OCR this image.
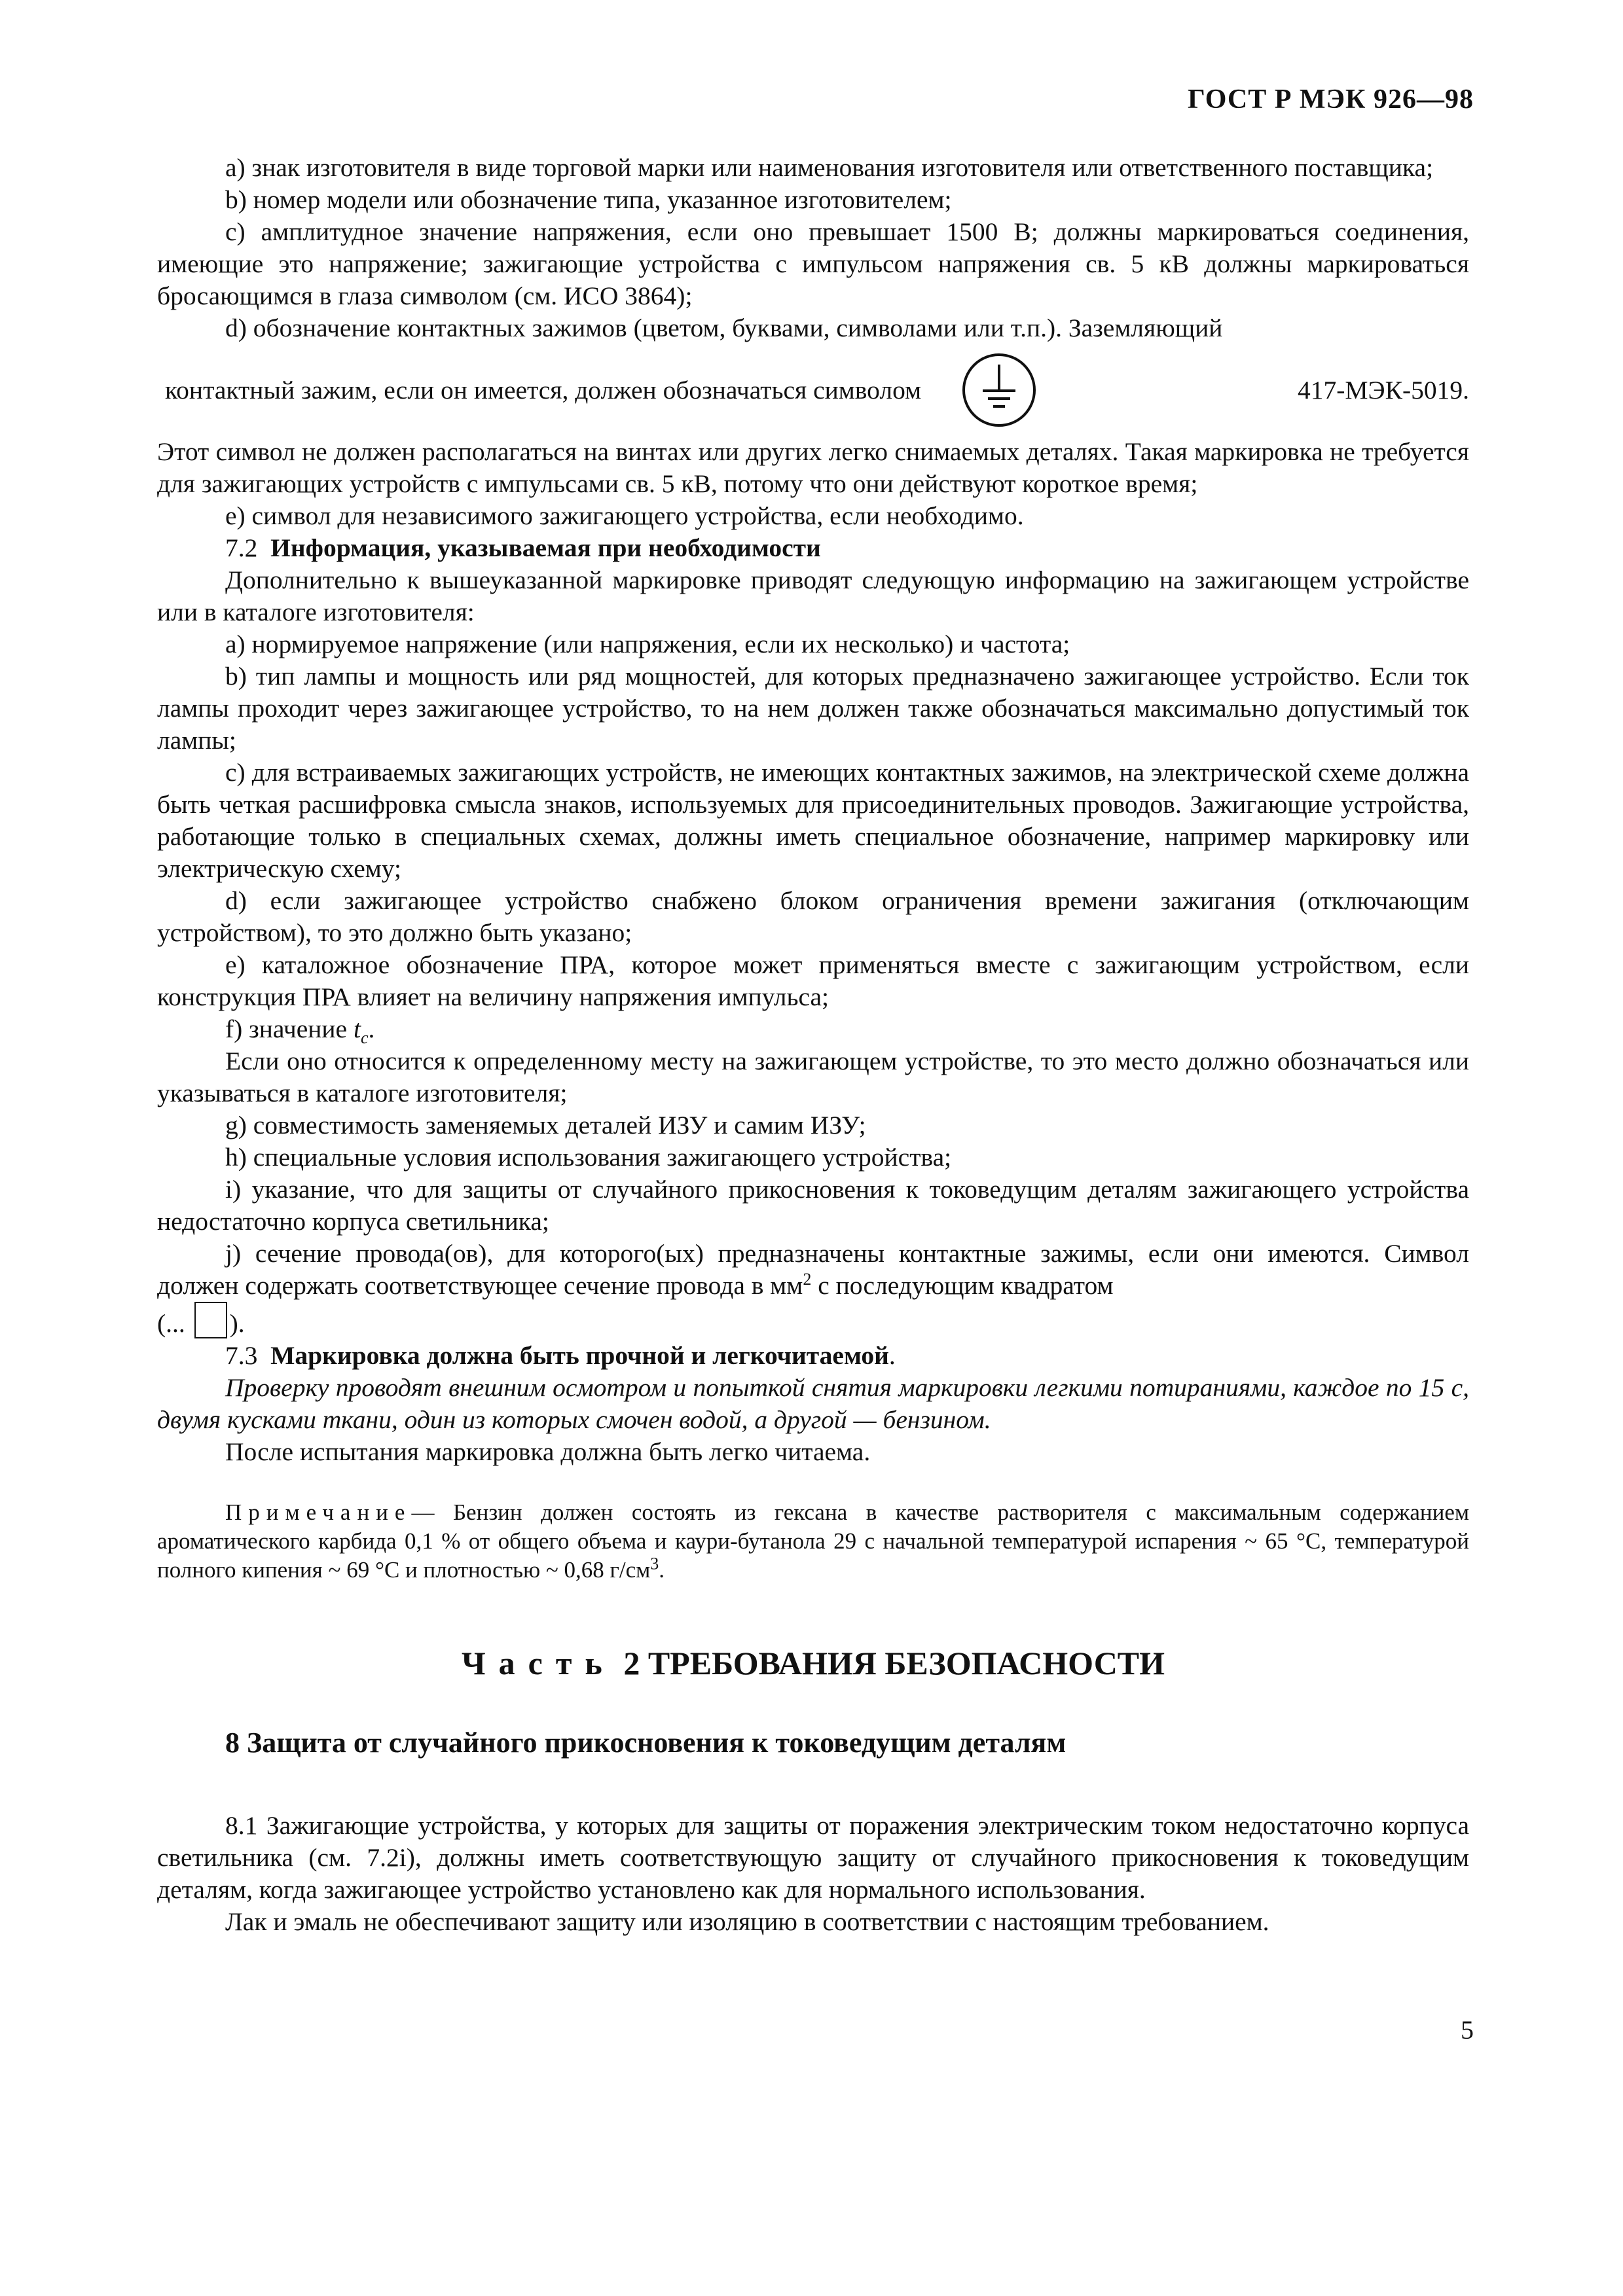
ГОСТ Р МЭК 926—98

a) знак изготовителя в виде торговой марки или наименования изготовителя или ответственного поставщика;

b) номер модели или обозначение типа, указанное изготовителем;

c) амплитудное значение напряжения, если оно превышает 1500 В; должны маркироваться соединения, имеющие это напряжение; зажигающие устройства с импульсом напряжения св. 5 кВ должны маркироваться бросающимся в глаза символом (см. ИСО 3864);

d) обозначение контактных зажимов (цветом, буквами, символами или т.п.). Заземляющий

контактный зажим, если он имеется, должен обозначаться символом	417-МЭК-5019.

Этот символ не должен располагаться на винтах или других легко снимаемых деталях. Такая маркировка не требуется для зажигающих устройств с импульсами св. 5 кВ, потому что они действуют короткое время;

e) символ для независимого зажигающего устройства, если необходимо.

7.2 Информация, указываемая при необходимости

Дополнительно к вышеуказанной маркировке приводят следующую информацию на зажигающем устройстве или в каталоге изготовителя:

a) нормируемое напряжение (или напряжения, если их несколько) и частота;

b) тип лампы и мощность или ряд мощностей, для которых предназначено зажигающее устройство. Если ток лампы проходит через зажигающее устройство, то на нем должен также обозначаться максимально допустимый ток лампы;

c) для встраиваемых зажигающих устройств, не имеющих контактных зажимов, на электрической схеме должна быть четкая расшифровка смысла знаков, используемых для присоединительных проводов. Зажигающие устройства, работающие только в специальных схемах, должны иметь специальное обозначение, например маркировку или электрическую схему;

d) если зажигающее устройство снабжено блоком ограничения времени зажигания (отключающим устройством), то это должно быть указано;

e) каталожное обозначение ПРА, которое может применяться вместе с зажигающим устройством, если конструкция ПРА влияет на величину напряжения импульса;

f) значение $t_c$.

Если оно относится к определенному месту на зажигающем устройстве, то это место должно обозначаться или указываться в каталоге изготовителя;

g) совместимость заменяемых деталей ИЗУ и самим ИЗУ;

h) специальные условия использования зажигающего устройства;

i) указание, что для защиты от случайного прикосновения к токоведущим деталям зажигающего устройства недостаточно корпуса светильника;

j) сечение провода(ов), для которого(ых) предназначены контактные зажимы, если они имеются. Символ должен содержать соответствующее сечение провода в $мм^2$ с последующим квадратом

(... ).

7.3 Маркировка должна быть прочной и легкочитаемой.

Проверку проводят внешним осмотром и попыткой снятия маркировки легкими потираниями, каждое по 15 с, двумя кусками ткани, один из которых смочен водой, а другой — бензином.

После испытания маркировка должна быть легко читаема.

Примечание— Бензин должен состоять из гексана в качестве растворителя с максимальным содержанием ароматического карбида 0,1 % от общего объема и каури-бутанола 29 с начальной температурой испарения ~ 65 °С, температурой полного кипения ~ 69 °С и плотностью ~ 0,68 $г/см^3$.

Часть 2 ТРЕБОВАНИЯ БЕЗОПАСНОСТИ

8 Защита от случайного прикосновения к токоведущим деталям

8.1 Зажигающие устройства, у которых для защиты от поражения электрическим током недостаточно корпуса светильника (см. 7.2i), должны иметь соответствующую защиту от случайного прикосновения к токоведущим деталям, когда зажигающее устройство установлено как для нормального использования.

Лак и эмаль не обеспечивают защиту или изоляцию в соответствии с настоящим требованием.

5
